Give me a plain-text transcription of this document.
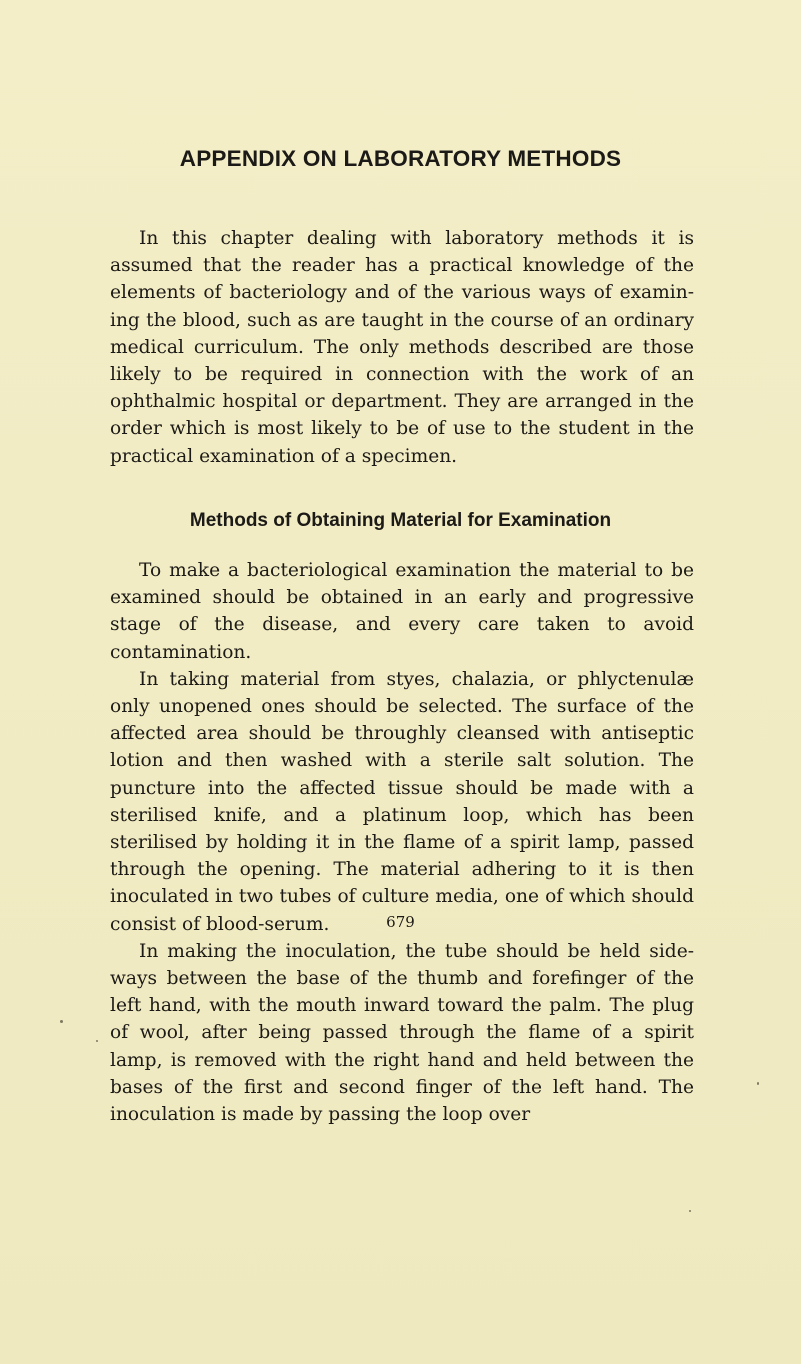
APPENDIX ON LABORATORY METHODS

In this chapter dealing with laboratory methods it is assumed that the reader has a practical knowledge of the elements of bacteriology and of the various ways of examining the blood, such as are taught in the course of an ordinary medical curriculum. The only methods described are those likely to be required in connection with the work of an ophthalmic hospital or department. They are arranged in the order which is most likely to be of use to the student in the practical examination of a specimen.

Methods of Obtaining Material for Examination

To make a bacteriological examination the material to be examined should be obtained in an early and progressive stage of the disease, and every care taken to avoid contamination.

In taking material from styes, chalazia, or phlyctenulæ only unopened ones should be selected. The surface of the affected area should be throughly cleansed with antiseptic lotion and then washed with a sterile salt solution. The puncture into the affected tissue should be made with a sterilised knife, and a platinum loop, which has been sterilised by holding it in the flame of a spirit lamp, passed through the opening. The material adhering to it is then inoculated in two tubes of culture media, one of which should consist of blood-serum.

In making the inoculation, the tube should be held sideways between the base of the thumb and forefinger of the left hand, with the mouth inward toward the palm. The plug of wool, after being passed through the flame of a spirit lamp, is removed with the right hand and held between the bases of the first and second finger of the left hand. The inoculation is made by passing the loop over

679
